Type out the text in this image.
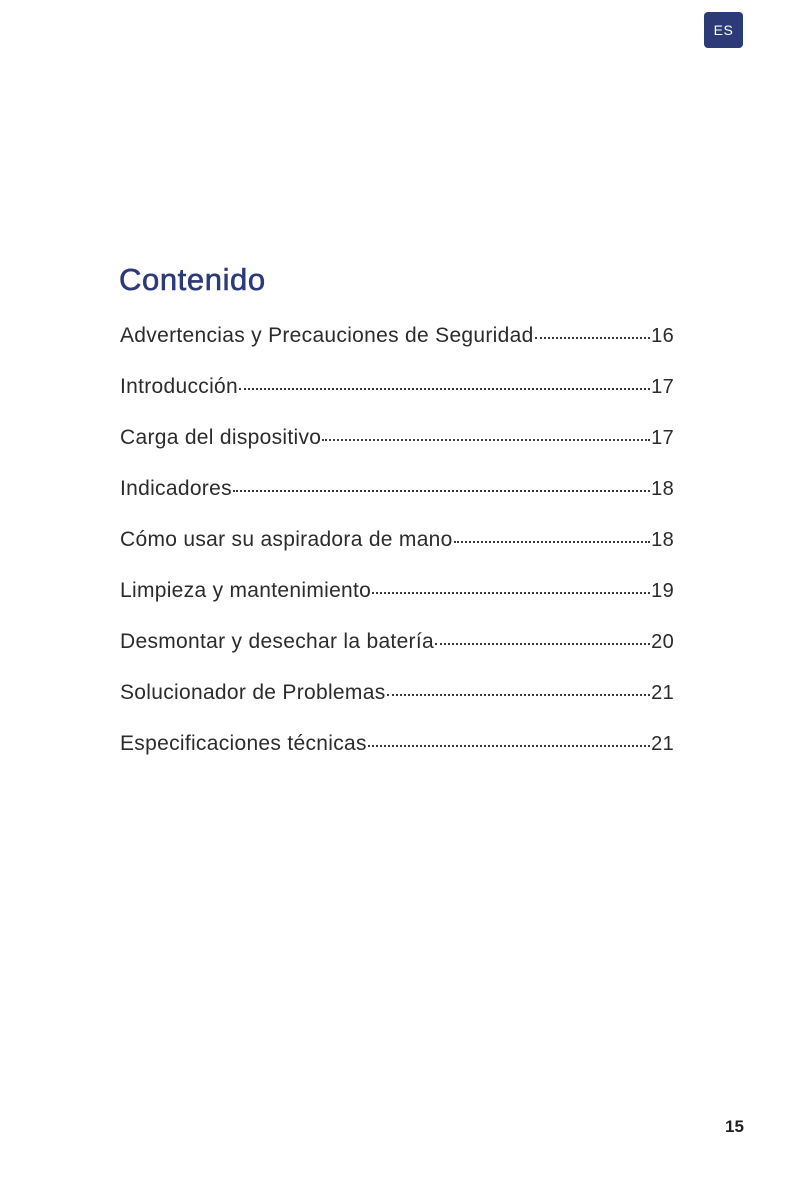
ES
Contenido
Advertencias y Precauciones de Seguridad	16
Introducción	17
Carga del dispositivo	17
Indicadores	18
Cómo usar su aspiradora de mano	18
Limpieza y mantenimiento	19
Desmontar y desechar la batería	20
Solucionador de Problemas	21
Especificaciones técnicas	21
15
